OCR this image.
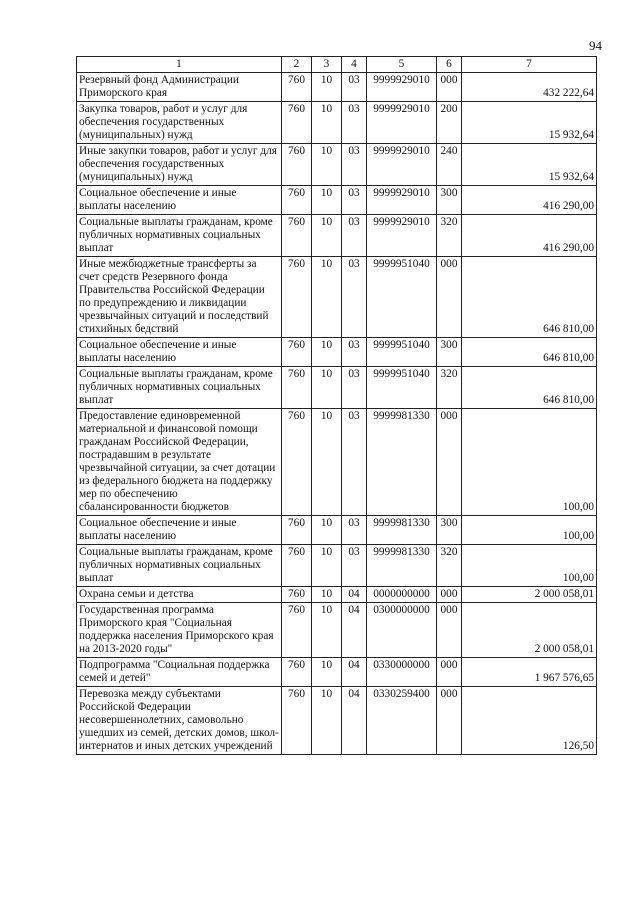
94
1	2	3	4	5	6	7
Резервный фонд Администрации Приморского края	760	10	03	9999929010	000	432 222,64
Закупка товаров, работ и услуг для обеспечения государственных (муниципальных) нужд	760	10	03	9999929010	200	15 932,64
Иные закупки товаров, работ и услуг для обеспечения государственных (муниципальных) нужд	760	10	03	9999929010	240	15 932,64
Социальное обеспечение и иные выплаты населению	760	10	03	9999929010	300	416 290,00
Социальные выплаты гражданам, кроме публичных нормативных социальных выплат	760	10	03	9999929010	320	416 290,00
Иные межбюджетные трансферты за счет средств Резервного фонда Правительства Российской Федерации по предупреждению и ликвидации чрезвычайных ситуаций и последствий стихийных бедствий	760	10	03	9999951040	000	646 810,00
Социальное обеспечение и иные выплаты населению	760	10	03	9999951040	300	646 810,00
Социальные выплаты гражданам, кроме публичных нормативных социальных выплат	760	10	03	9999951040	320	646 810,00
Предоставление единовременной материальной и финансовой помощи гражданам Российской Федерации, пострадавшим в результате чрезвычайной ситуации, за счет дотации из федерального бюджета на поддержку мер по обеспечению сбалансированности бюджетов	760	10	03	9999981330	000	100,00
Социальное обеспечение и иные выплаты населению	760	10	03	9999981330	300	100,00
Социальные выплаты гражданам, кроме публичных нормативных социальных выплат	760	10	03	9999981330	320	100,00
Охрана семьи и детства	760	10	04	0000000000	000	2 000 058,01
Государственная программа Приморского края "Социальная поддержка населения Приморского края на 2013-2020 годы"	760	10	04	0300000000	000	2 000 058,01
Подпрограмма "Социальная поддержка семей и детей"	760	10	04	0330000000	000	1 967 576,65
Перевозка между субъектами Российской Федерации несовершеннолетних, самовольно ушедших из семей, детских домов, школ-интернатов и иных детских учреждений	760	10	04	0330259400	000	126,50
